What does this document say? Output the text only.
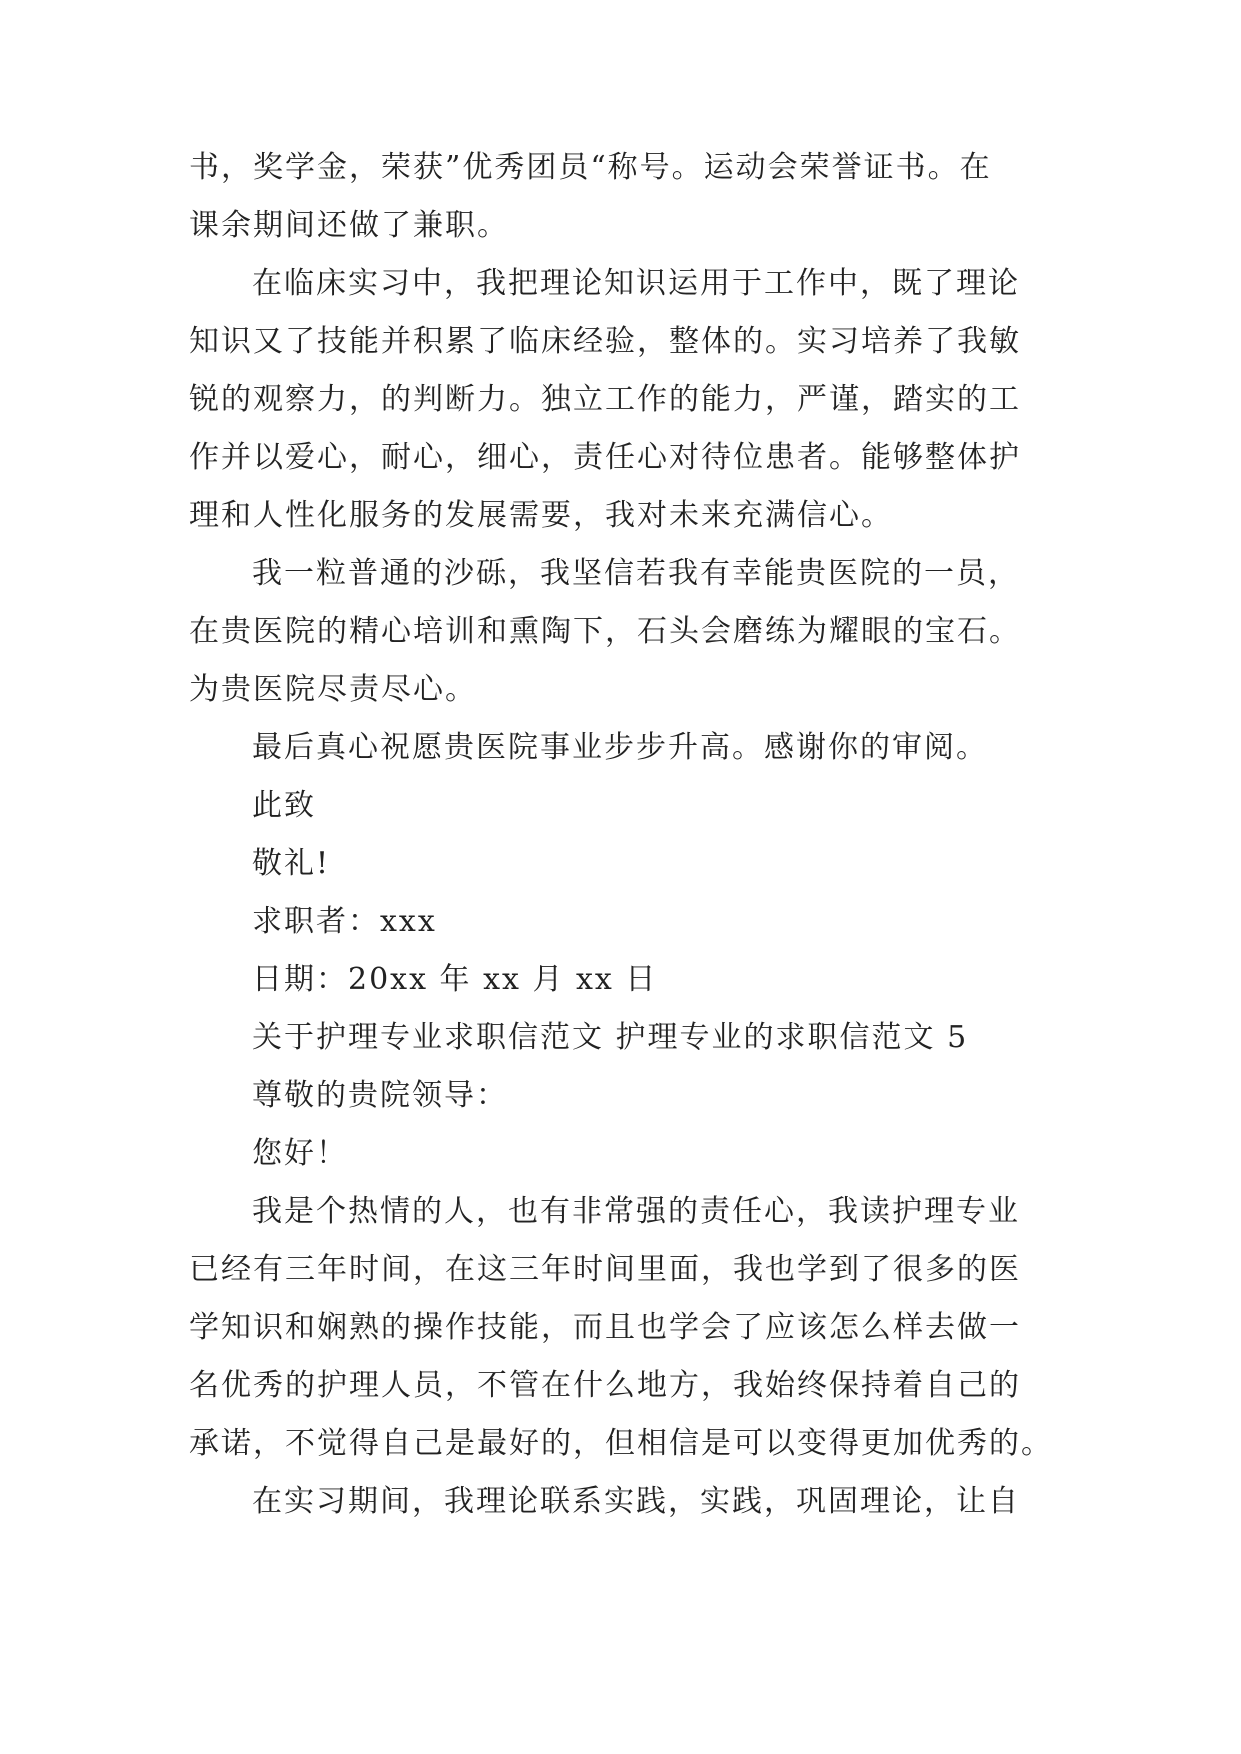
书，奖学金，荣获”优秀团员“称号。运动会荣誉证书。在
课余期间还做了兼职。
在临床实习中，我把理论知识运用于工作中，既了理论
知识又了技能并积累了临床经验，整体的。实习培养了我敏
锐的观察力，的判断力。独立工作的能力，严谨，踏实的工
作并以爱心，耐心，细心，责任心对待位患者。能够整体护
理和人性化服务的发展需要，我对未来充满信心。
我一粒普通的沙砾，我坚信若我有幸能贵医院的一员，
在贵医院的精心培训和熏陶下，石头会磨练为耀眼的宝石。
为贵医院尽责尽心。
最后真心祝愿贵医院事业步步升高。感谢你的审阅。
此致
敬礼!
求职者：xxx
日期：20xx 年 xx 月 xx 日
关于护理专业求职信范文 护理专业的求职信范文 5
尊敬的贵院领导：
您好！
我是个热情的人，也有非常强的责任心，我读护理专业
已经有三年时间，在这三年时间里面，我也学到了很多的医
学知识和娴熟的操作技能，而且也学会了应该怎么样去做一
名优秀的护理人员，不管在什么地方，我始终保持着自己的
承诺，不觉得自己是最好的，但相信是可以变得更加优秀的。
在实习期间，我理论联系实践，实践，巩固理论，让自
